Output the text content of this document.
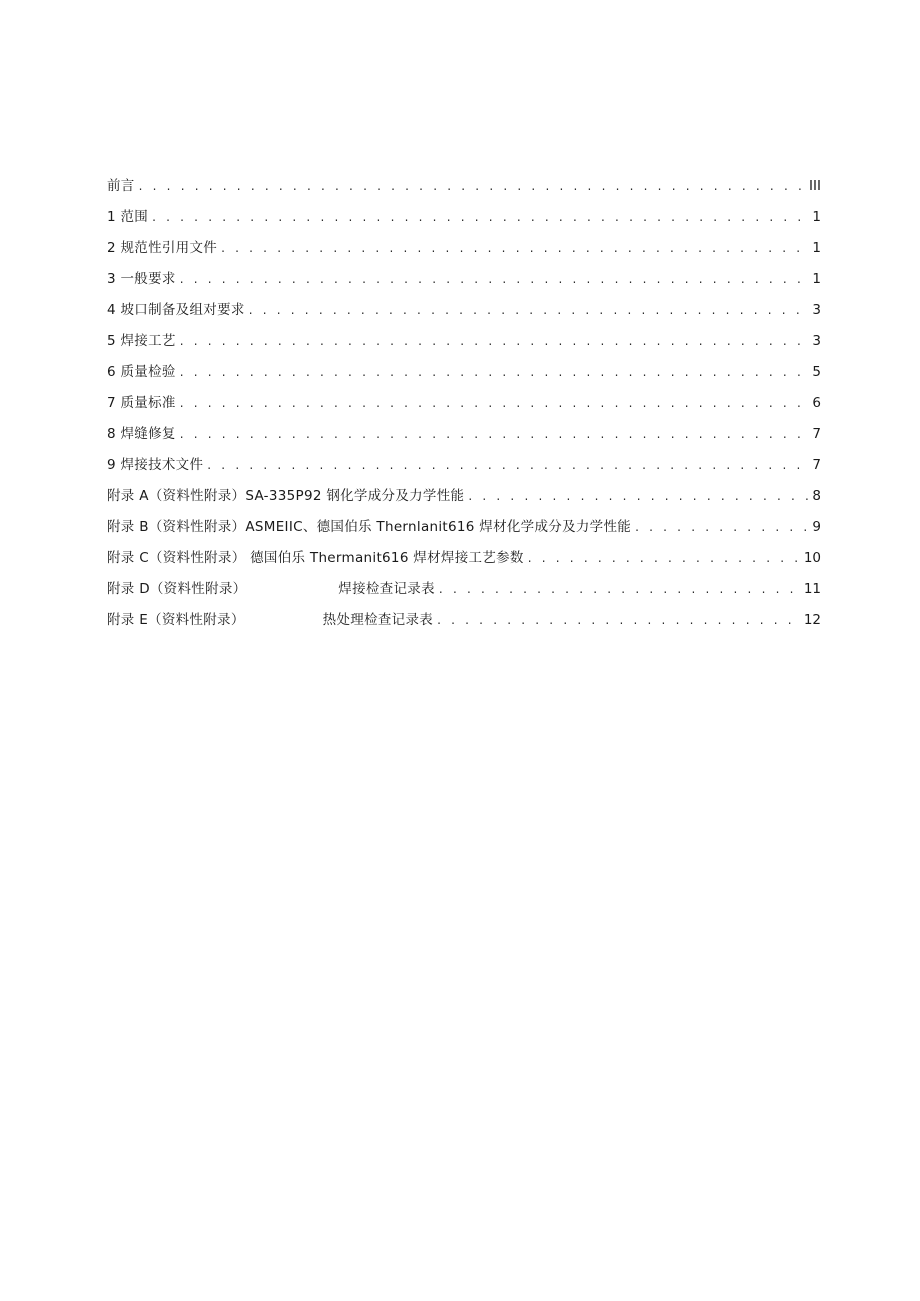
前言 . . .	III
1 范围 . . .	1
2 规范性引用文件 . . .	1
3 一般要求 . . .	1
4 坡口制备及组对要求 . . .	3
5 焊接工艺 . . .	3
6 质量检验 . . .	5
7 质量标准 . . .	6
8 焊缝修复 . . .	7
9 焊接技术文件 . . .	7
附录 A（资料性附录）SA-335P92 钢化学成分及力学性能 . . .	8
附录 B（资料性附录）ASMEIIC、德国伯乐 Thernlanit616 焊材化学成分及力学性能 . . .	9
附录 C（资料性附录） 德国伯乐 Thermanit616 焊材焊接工艺参数 . . .	10
附录 D（资料性附录）                    焊接检查记录表 . . .	11
附录 E（资料性附录）                 热处理检查记录表 . . .	12
